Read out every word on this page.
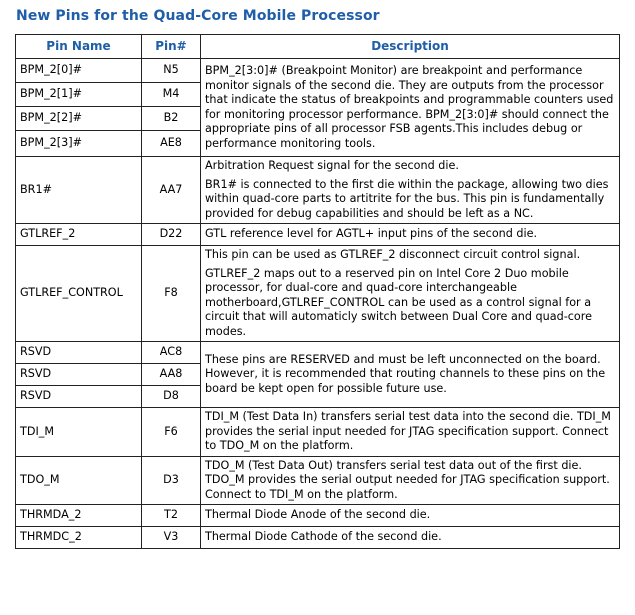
New Pins for the Quad-Core Mobile Processor
Pin Name	Pin#	Description
BPM_2[0]#	N5	BPM_2[3:0]# (Breakpoint Monitor) are breakpoint and performance monitor signals of the second die. They are outputs from the processor that indicate the status of breakpoints and programmable counters used for monitoring processor performance. BPM_2[3:0]# should connect the appropriate pins of all processor FSB agents.This includes debug or performance monitoring tools.
BPM_2[1]#	M4	
BPM_2[2]#	B2	
BPM_2[3]#	AE8	
BR1#	AA7	Arbitration Request signal for the second die.

BR1# is connected to the first die within the package, allowing two dies within quad-core parts to artitrite for the bus. This pin is fundamentally provided for debug capabilities and should be left as a NC.

GTLREF_2	D22	GTL reference level for AGTL+ input pins of the second die.
GTLREF_CONTROL	F8	This pin can be used as GTLREF_2 disconnect circuit control signal.

GTLREF_2 maps out to a reserved pin on Intel Core 2 Duo mobile processor, for dual-core and quad-core interchangeable motherboard,GTLREF_CONTROL can be used as a control signal for a circuit that will automaticly switch between Dual Core and quad-core modes.

RSVD	AC8	These pins are RESERVED and must be left unconnected on the board. However, it is recommended that routing channels to these pins on the board be kept open for possible future use.
RSVD	AA8	
RSVD	D8	
TDI_M	F6	TDI_M (Test Data In) transfers serial test data into the second die. TDI_M provides the serial input needed for JTAG specification support. Connect to TDO_M on the platform.
TDO_M	D3	TDO_M (Test Data Out) transfers serial test data out of the first die. TDO_M provides the serial output needed for JTAG specification support. Connect to TDI_M on the platform.
THRMDA_2	T2	Thermal Diode Anode of the second die.
THRMDC_2	V3	Thermal Diode Cathode of the second die.
